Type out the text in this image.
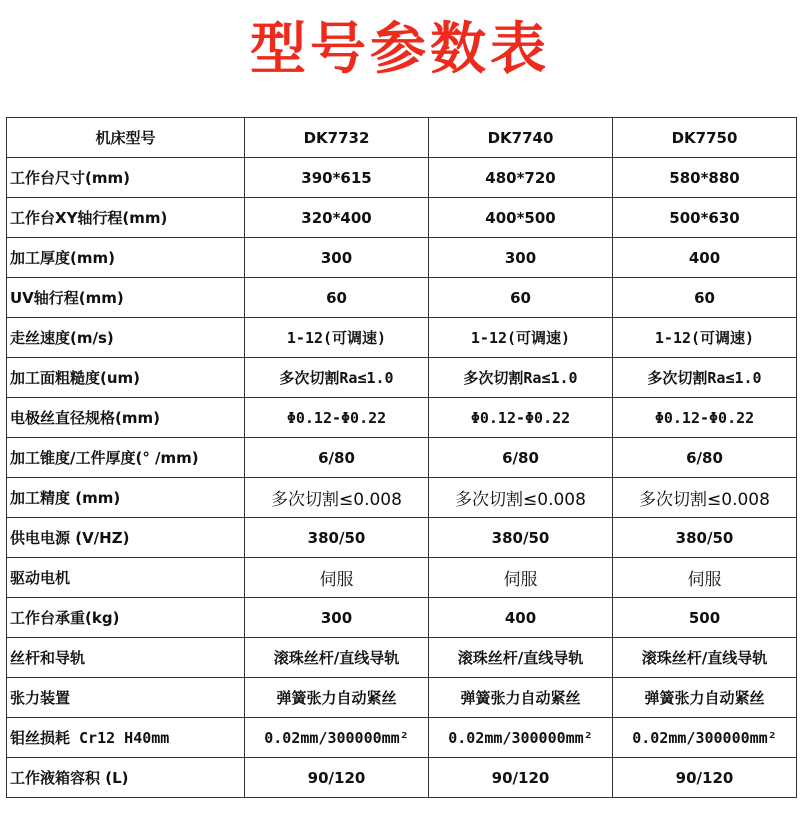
型号参数表
机床型号	DK7732	DK7740	DK7750
工作台尺寸(mm)	390*615	480*720	580*880
工作台XY轴行程(mm)	320*400	400*500	500*630
加工厚度(mm)	300	300	400
UV轴行程(mm)	60	60	60
走丝速度(m/s)	1-12(可调速)	1-12(可调速)	1-12(可调速)
加工面粗糙度(um)	多次切割Ra≤1.0	多次切割Ra≤1.0	多次切割Ra≤1.0
电极丝直径规格(mm)	Φ0.12-Φ0.22	Φ0.12-Φ0.22	Φ0.12-Φ0.22
加工锥度/工件厚度(° /mm)	6/80	6/80	6/80
加工精度 (mm)	多次切割≤0.008	多次切割≤0.008	多次切割≤0.008
供电电源 (V/HZ)	380/50	380/50	380/50
驱动电机	伺服	伺服	伺服
工作台承重(kg)	300	400	500
丝杆和导轨	滚珠丝杆/直线导轨	滚珠丝杆/直线导轨	滚珠丝杆/直线导轨
张力装置	弹簧张力自动紧丝	弹簧张力自动紧丝	弹簧张力自动紧丝
钼丝损耗 Cr12 H40mm	0.02mm/300000mm²	0.02mm/300000mm²	0.02mm/300000mm²
工作液箱容积 (L)	90/120	90/120	90/120
